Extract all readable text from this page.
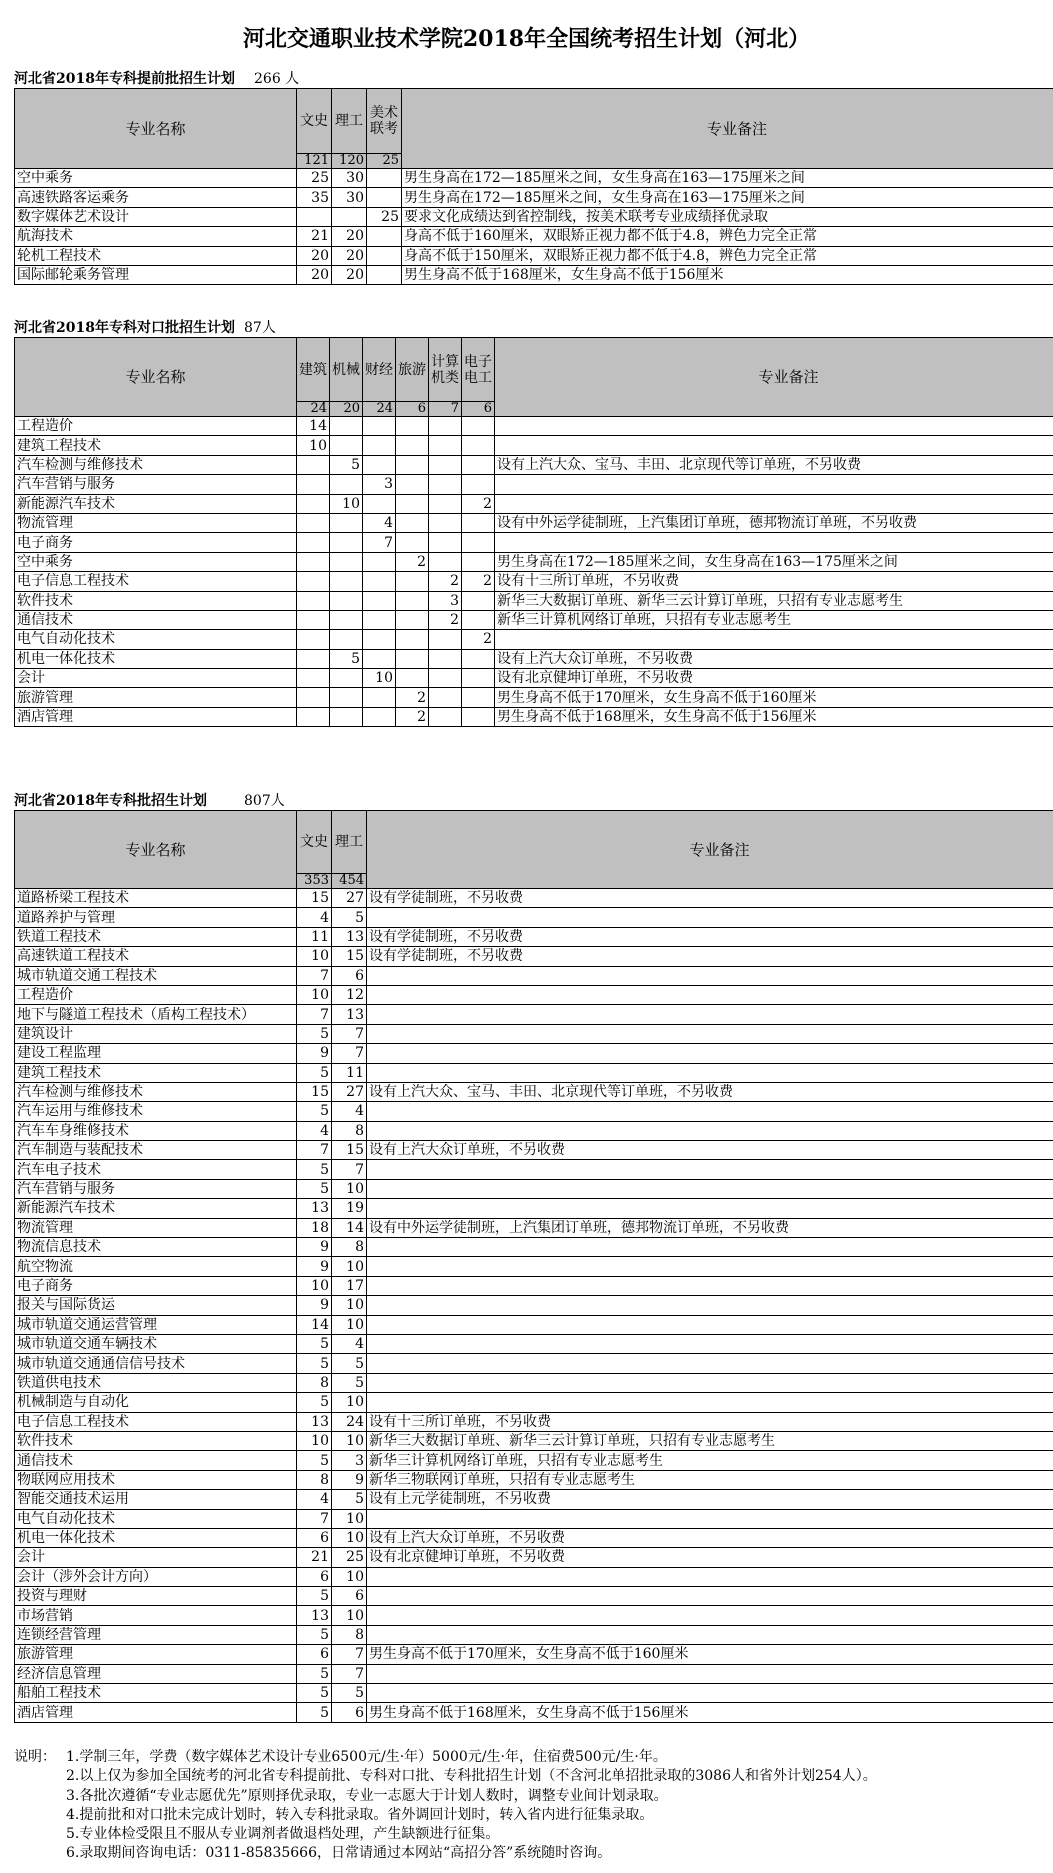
河北交通职业技术学院2018年全国统考招生计划（河北）
河北省2018年专科提前批招生计划 266 人
专业名称	文史	理工	美术联考	专业备注
	121	120	25	
空中乘务	25	30		男生身高在172—185厘米之间，女生身高在163—175厘米之间
高速铁路客运乘务	35	30		男生身高在172—185厘米之间，女生身高在163—175厘米之间
数字媒体艺术设计			25	要求文化成绩达到省控制线，按美术联考专业成绩择优录取
航海技术	21	20		身高不低于160厘米，双眼矫正视力都不低于4.8，辨色力完全正常
轮机工程技术	20	20		身高不低于150厘米，双眼矫正视力都不低于4.8，辨色力完全正常
国际邮轮乘务管理	20	20		男生身高不低于168厘米，女生身高不低于156厘米
河北省2018年专科对口批招生计划 87人
专业名称	建筑	机械	财经	旅游	计算机类	电子电工	专业备注
	24	20	24	6	7	6	
工程造价	14						
建筑工程技术	10						
汽车检测与维修技术		5					设有上汽大众、宝马、丰田、北京现代等订单班，不另收费
汽车营销与服务			3				
新能源汽车技术		10				2	
物流管理			4				设有中外运学徒制班，上汽集团订单班，德邦物流订单班，不另收费
电子商务			7				
空中乘务				2			男生身高在172—185厘米之间，女生身高在163—175厘米之间
电子信息工程技术					2	2	设有十三所订单班，不另收费
软件技术					3		新华三大数据订单班、新华三云计算订单班，只招有专业志愿考生
通信技术					2		新华三计算机网络订单班，只招有专业志愿考生
电气自动化技术						2	
机电一体化技术		5					设有上汽大众订单班，不另收费
会计			10				设有北京健坤订单班，不另收费
旅游管理				2			男生身高不低于170厘米，女生身高不低于160厘米
酒店管理				2			男生身高不低于168厘米，女生身高不低于156厘米
河北省2018年专科批招生计划	807人
专业名称	文史	理工	专业备注
	353	454	
道路桥梁工程技术	15	27	设有学徒制班，不另收费
道路养护与管理	4	5	
铁道工程技术	11	13	设有学徒制班，不另收费
高速铁道工程技术	10	15	设有学徒制班，不另收费
城市轨道交通工程技术	7	6	
工程造价	10	12	
地下与隧道工程技术（盾构工程技术）	7	13	
建筑设计	5	7	
建设工程监理	9	7	
建筑工程技术	5	11	
汽车检测与维修技术	15	27	设有上汽大众、宝马、丰田、北京现代等订单班，不另收费
汽车运用与维修技术	5	4	
汽车车身维修技术	4	8	
汽车制造与装配技术	7	15	设有上汽大众订单班，不另收费
汽车电子技术	5	7	
汽车营销与服务	5	10	
新能源汽车技术	13	19	
物流管理	18	14	设有中外运学徒制班，上汽集团订单班，德邦物流订单班，不另收费
物流信息技术	9	8	
航空物流	9	10	
电子商务	10	17	
报关与国际货运	9	10	
城市轨道交通运营管理	14	10	
城市轨道交通车辆技术	5	4	
城市轨道交通通信信号技术	5	5	
铁道供电技术	8	5	
机械制造与自动化	5	10	
电子信息工程技术	13	24	设有十三所订单班，不另收费
软件技术	10	10	新华三大数据订单班、新华三云计算订单班，只招有专业志愿考生
通信技术	5	3	新华三计算机网络订单班，只招有专业志愿考生
物联网应用技术	8	9	新华三物联网订单班，只招有专业志愿考生
智能交通技术运用	4	5	设有上元学徒制班，不另收费
电气自动化技术	7	10	
机电一体化技术	6	10	设有上汽大众订单班，不另收费
会计	21	25	设有北京健坤订单班，不另收费
会计（涉外会计方向）	6	10	
投资与理财	5	6	
市场营销	13	10	
连锁经营管理	5	8	
旅游管理	6	7	男生身高不低于170厘米，女生身高不低于160厘米
经济信息管理	5	7	
船舶工程技术	5	5	
酒店管理	5	6	男生身高不低于168厘米，女生身高不低于156厘米
说明： 1.学制三年，学费（数字媒体艺术设计专业6500元/生·年）5000元/生·年，住宿费500元/生·年。
2.以上仅为参加全国统考的河北省专科提前批、专科对口批、专科批招生计划（不含河北单招批录取的3086人和省外计划254人）。
3.各批次遵循“专业志愿优先”原则择优录取，专业一志愿大于计划人数时，调整专业间计划录取。
4.提前批和对口批未完成计划时，转入专科批录取。省外调回计划时，转入省内进行征集录取。
5.专业体检受限且不服从专业调剂者做退档处理，产生缺额进行征集。
6.录取期间咨询电话：0311-85835666，日常请通过本网站“高招分答”系统随时咨询。
